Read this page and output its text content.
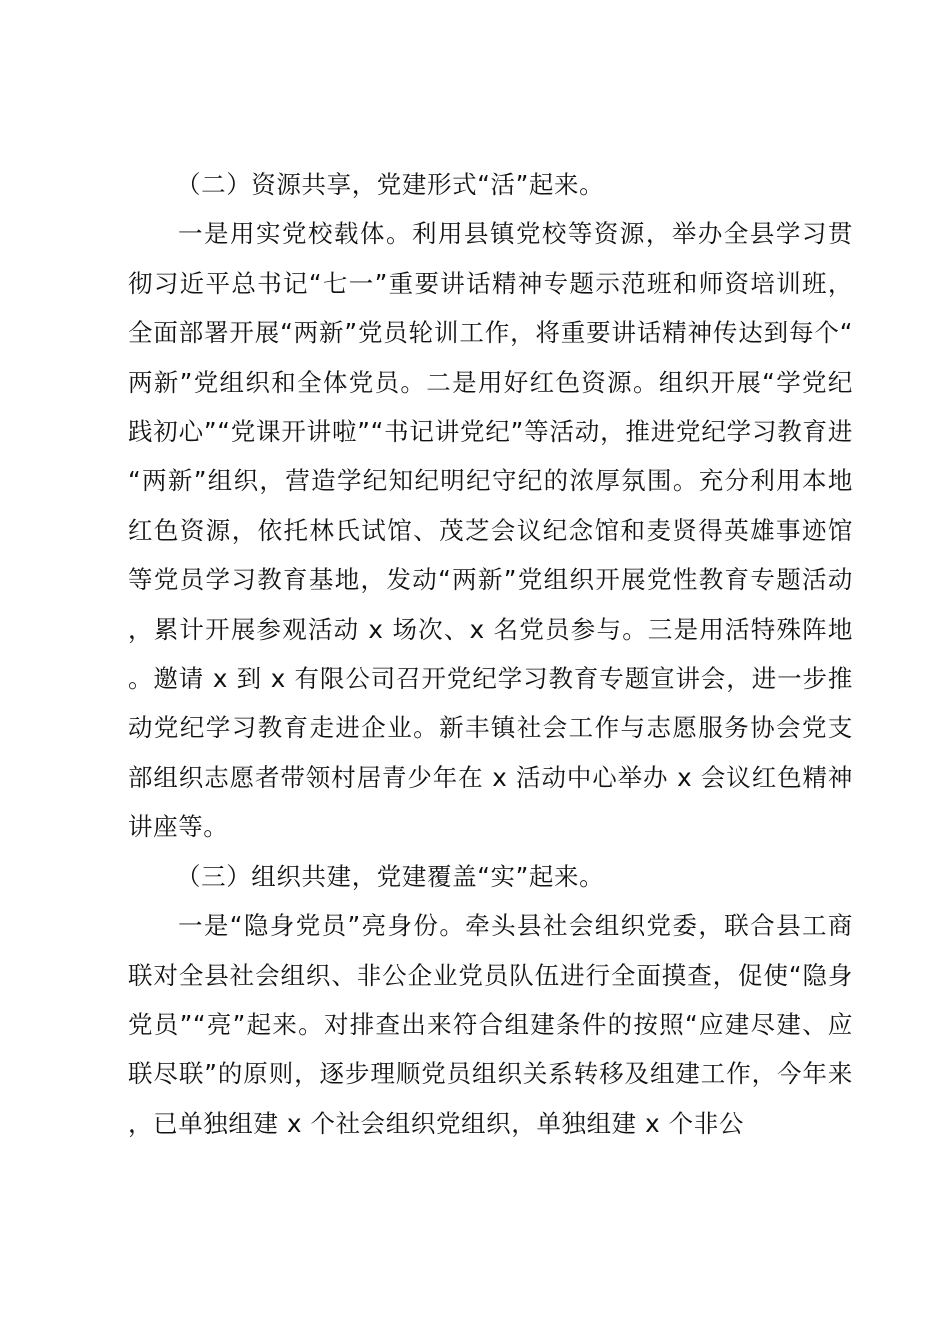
（二）资源共享，党建形式“活”起来。

一是用实党校载体。利用县镇党校等资源，举办全县学习贯彻习近平总书记“七一”重要讲话精神专题示范班和师资培训班，全面部署开展“两新”党员轮训工作，将重要讲话精神传达到每个“两新”党组织和全体党员。二是用好红色资源。组织开展“学党纪践初心”“党课开讲啦”“书记讲党纪”等活动，推进党纪学习教育进“两新”组织，营造学纪知纪明纪守纪的浓厚氛围。充分利用本地红色资源，依托林氏试馆、茂芝会议纪念馆和麦贤得英雄事迹馆等党员学习教育基地，发动“两新”党组织开展党性教育专题活动，累计开展参观活动 x 场次、x 名党员参与。三是用活特殊阵地。邀请 x 到 x 有限公司召开党纪学习教育专题宣讲会，进一步推动党纪学习教育走进企业。新丰镇社会工作与志愿服务协会党支部组织志愿者带领村居青少年在 x 活动中心举办 x 会议红色精神讲座等。

（三）组织共建，党建覆盖“实”起来。

一是“隐身党员”亮身份。牵头县社会组织党委，联合县工商联对全县社会组织、非公企业党员队伍进行全面摸查，促使“隐身党员”“亮”起来。对排查出来符合组建条件的按照“应建尽建、应联尽联”的原则，逐步理顺党员组织关系转移及组建工作，今年来，已单独组建 x 个社会组织党组织，单独组建 x 个非公
